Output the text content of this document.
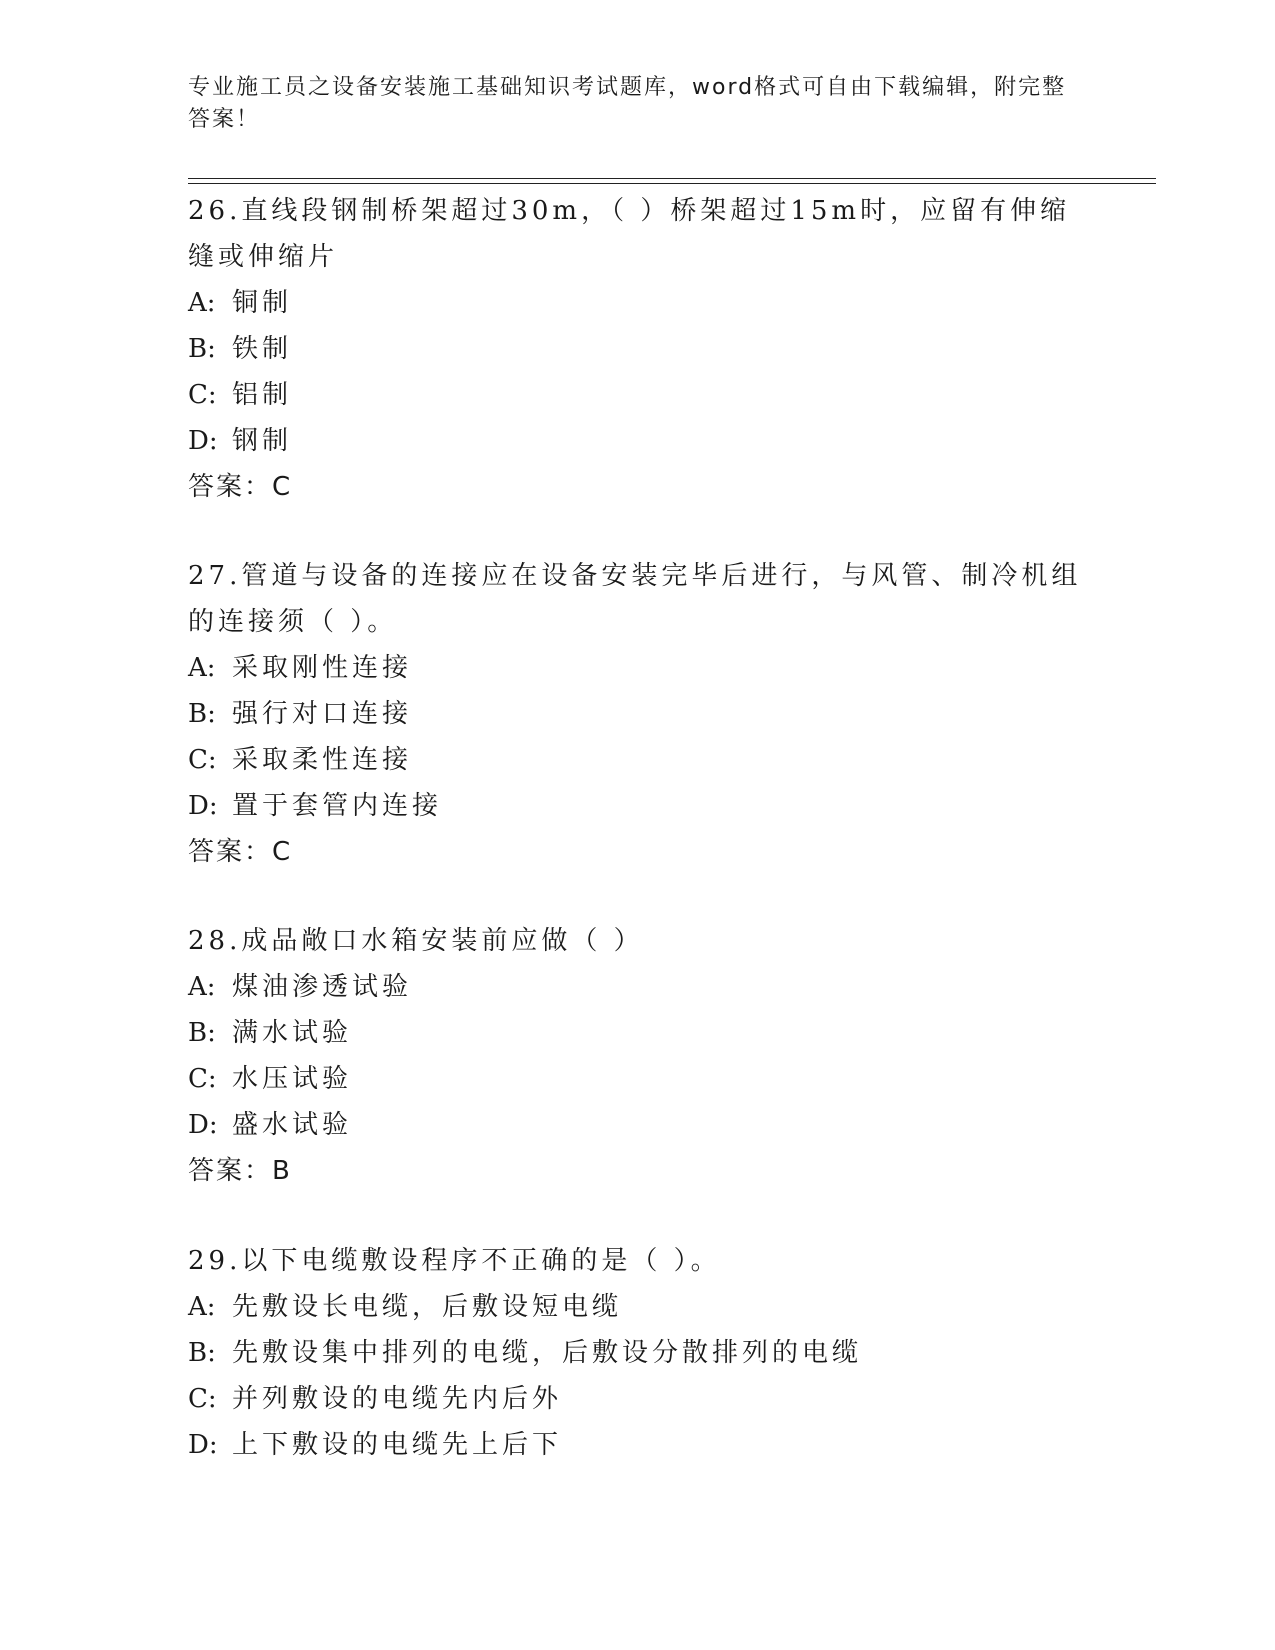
专业施工员之设备安装施工基础知识考试题库，word格式可自由下载编辑，附完整答案！

26.直线段钢制桥架超过30m，（ ）桥架超过15m时，应留有伸缩缝或伸缩片

A: 铜制

B: 铁制

C: 铝制

D: 钢制

答案：C

27.管道与设备的连接应在设备安装完毕后进行，与风管、制冷机组的连接须（ ）。

A: 采取刚性连接

B: 强行对口连接

C: 采取柔性连接

D: 置于套管内连接

答案：C

28.成品敞口水箱安装前应做（ ）

A: 煤油渗透试验

B: 满水试验

C: 水压试验

D: 盛水试验

答案：B

29.以下电缆敷设程序不正确的是（ ）。

A: 先敷设长电缆，后敷设短电缆

B: 先敷设集中排列的电缆，后敷设分散排列的电缆

C: 并列敷设的电缆先内后外

D: 上下敷设的电缆先上后下
